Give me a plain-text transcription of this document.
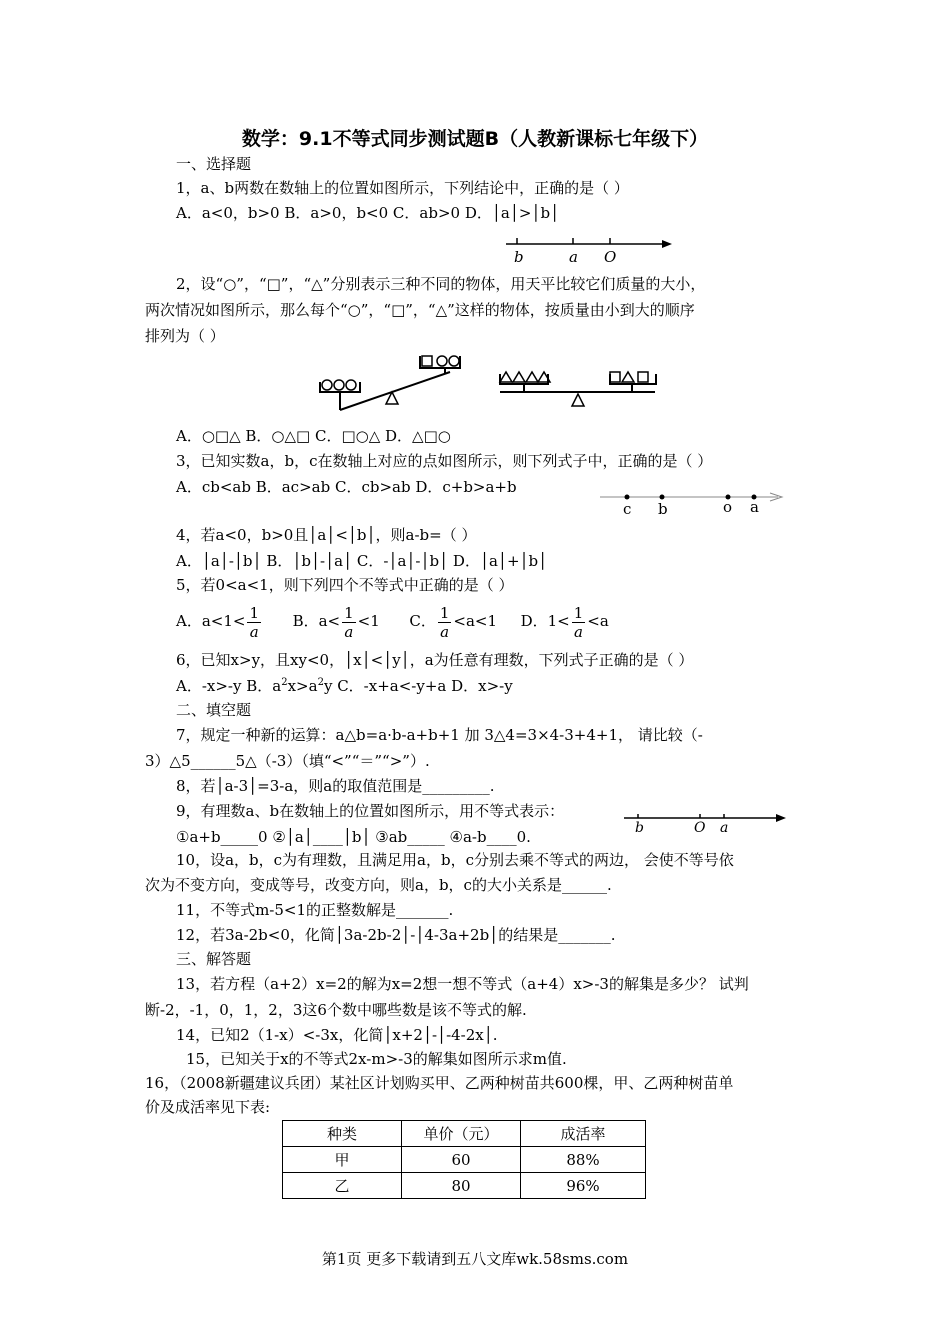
数学：9.1不等式同步测试题B（人教新课标七年级下）
一、选择题
1，a、b两数在数轴上的位置如图所示，下列结论中，正确的是（ ）
A．a<0，b>0 B．a>0，b<0 C．ab>0 D．│a│>│b│
b	a O
2，设“○”，“□”，“△”分别表示三种不同的物体，用天平比较它们质量的大小，
两次情况如图所示，那么每个“○”，“□”，“△”这样的物体，按质量由小到大的顺序
排列为（ ）
A．○□△ B．○△□ C．□○△ D．△□○
3，已知实数a，b，c在数轴上对应的点如图所示，则下列式子中，正确的是（ ）
A．cb<ab B．ac>ab C．cb>ab D．c+b>a+b
c b	o a
4，若a<0，b>0且│a│<│b│，则a-b=（ ）
A．│a│-│b│ B．│b│-│a│ C．-│a│-│b│ D．│a│+│b│
5，若0<a<1，则下列四个不等式中正确的是（ ）
A．$a<1< \frac{1}{a}$ B．$a< \frac{1}{a} <1$ C． $\frac{1}{a} <a<1$ D．$1< \frac{1}{a} <a$
6，已知x>y，且xy<0，│x│<│y│，a为任意有理数，下列式子正确的是（ ）
A．-x>-y B．$a^2x>a^2y$ C．-x+a<-y+a D．x>-y
二、填空题
7，规定一种新的运算：a△b=a·b-a+b+1 加 3△4=3×4-3+4+1， 请比较（-
3）△5______5△（-3）（填“<”“＝”“>”）.
8，若│a-3│=3-a，则a的取值范围是_________.
9，有理数a、b在数轴上的位置如图所示，用不等式表示：
①a+b_____0 ②│a│____│b│ ③ab_____ ④a-b____0.	b	O a
10，设a，b，c为有理数，且满足用a，b，c分别去乘不等式的两边， 会使不等号依
次为不变方向，变成等号，改变方向，则a，b，c的大小关系是______.
11，不等式m-5<1的正整数解是_______.
12，若3a-2b<0，化简│3a-2b-2│-│4-3a+2b│的结果是_______.
三、解答题
13，若方程（a+2）x=2的解为x=2想一想不等式（a+4）x>-3的解集是多少？ 试判
断-2，-1，0，1，2，3这6个数中哪些数是该不等式的解.
14，已知2（1-x）<-3x，化简│x+2│-│-4-2x│.
15，已知关于x的不等式2x-m>-3的解集如图所示求m值.
16，（2008新疆建议兵团）某社区计划购买甲、乙两种树苗共600棵，甲、乙两种树苗单
价及成活率见下表:
种类	单价（元）	成活率
甲	60	88%
乙	80	96%
第1页 更多下载请到五八文库wk.58sms.com
